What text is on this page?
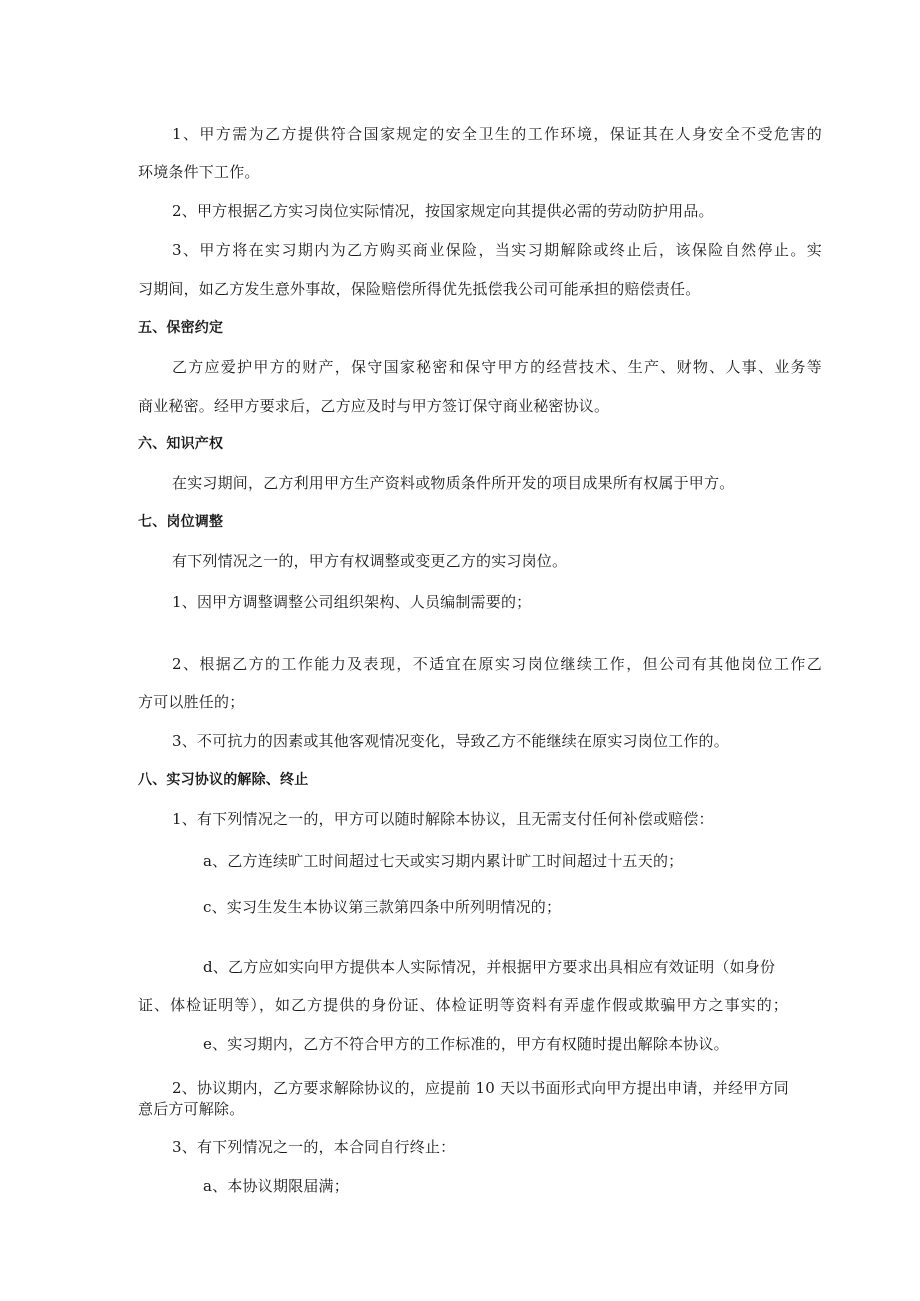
1、甲方需为乙方提供符合国家规定的安全卫生的工作环境，保证其在人身安全不受危害的
环境条件下工作。
2、甲方根据乙方实习岗位实际情况，按国家规定向其提供必需的劳动防护用品。
3、甲方将在实习期内为乙方购买商业保险，当实习期解除或终止后，该保险自然停止。实
习期间，如乙方发生意外事故，保险赔偿所得优先抵偿我公司可能承担的赔偿责任。
五、保密约定
乙方应爱护甲方的财产，保守国家秘密和保守甲方的经营技术、生产、财物、人事、业务等
商业秘密。经甲方要求后，乙方应及时与甲方签订保守商业秘密协议。
六、知识产权
在实习期间，乙方利用甲方生产资料或物质条件所开发的项目成果所有权属于甲方。
七、岗位调整
有下列情况之一的，甲方有权调整或变更乙方的实习岗位。
1、因甲方调整调整公司组织架构、人员编制需要的；
2、根据乙方的工作能力及表现，不适宜在原实习岗位继续工作，但公司有其他岗位工作乙
方可以胜任的；
3、不可抗力的因素或其他客观情况变化，导致乙方不能继续在原实习岗位工作的。
八、实习协议的解除、终止
1、有下列情况之一的，甲方可以随时解除本协议，且无需支付任何补偿或赔偿：
a、乙方连续旷工时间超过七天或实习期内累计旷工时间超过十五天的；
c、实习生发生本协议第三款第四条中所列明情况的；
d、乙方应如实向甲方提供本人实际情况，并根据甲方要求出具相应有效证明（如身份
证、体检证明等），如乙方提供的身份证、体检证明等资料有弄虚作假或欺骗甲方之事实的；
e、实习期内，乙方不符合甲方的工作标准的，甲方有权随时提出解除本协议。
2、协议期内，乙方要求解除协议的，应提前 10 天以书面形式向甲方提出申请，并经甲方同
意后方可解除。
3、有下列情况之一的，本合同自行终止：
a、本协议期限届满；
